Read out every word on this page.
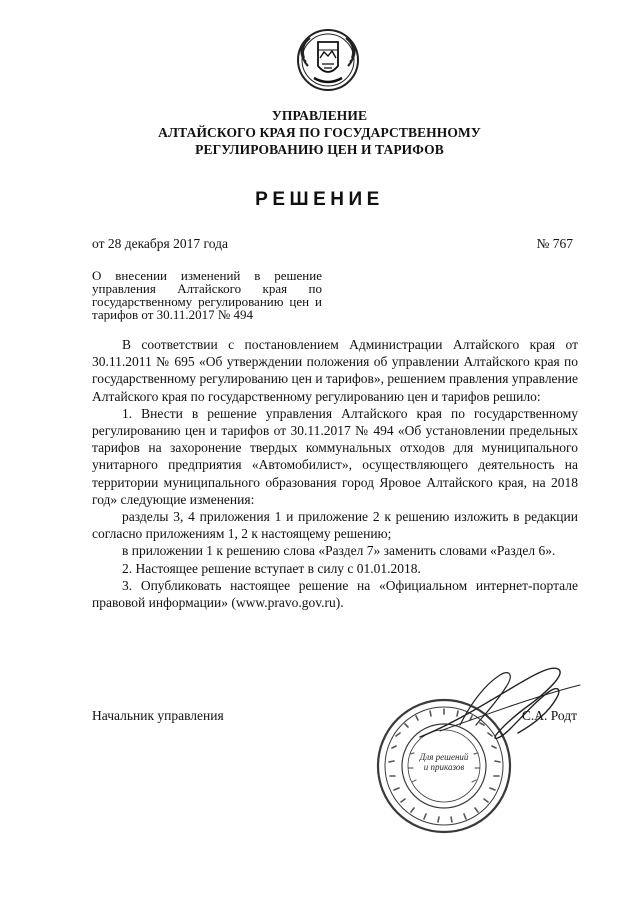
УПРАВЛЕНИЕ
АЛТАЙСКОГО КРАЯ ПО ГОСУДАРСТВЕННОМУ
РЕГУЛИРОВАНИЮ ЦЕН И ТАРИФОВ
РЕШЕНИЕ
от 28 декабря 2017 года	№ 767
О внесении изменений в решение управления Алтайского края по государственному регулированию цен и тарифов от 30.11.2017 № 494

В соответствии с постановлением Администрации Алтайского края от 30.11.2011 № 695 «Об утверждении положения об управлении Алтайского края по государственному регулированию цен и тарифов», решением правления управление Алтайского края по государственному регулированию цен и тарифов решило:

1. Внести в решение управления Алтайского края по государственному регулированию цен и тарифов от 30.11.2017 № 494 «Об установлении предельных тарифов на захоронение твердых коммунальных отходов для муниципального унитарного предприятия «Автомобилист», осуществляющего деятельность на территории муниципального образования город Яровое Алтайского края, на 2018 год» следующие изменения:

разделы 3, 4 приложения 1 и приложение 2 к решению изложить в редакции согласно приложениям 1, 2 к настоящему решению;

в приложении 1 к решению слова «Раздел 7» заменить словами «Раздел 6».

2. Настоящее решение вступает в силу с 01.01.2018.

3. Опубликовать настоящее решение на «Официальном интернет-портале правовой информации» (www.pravo.gov.ru).

Начальник управления
Для решений
и приказов
С.А. Родт
